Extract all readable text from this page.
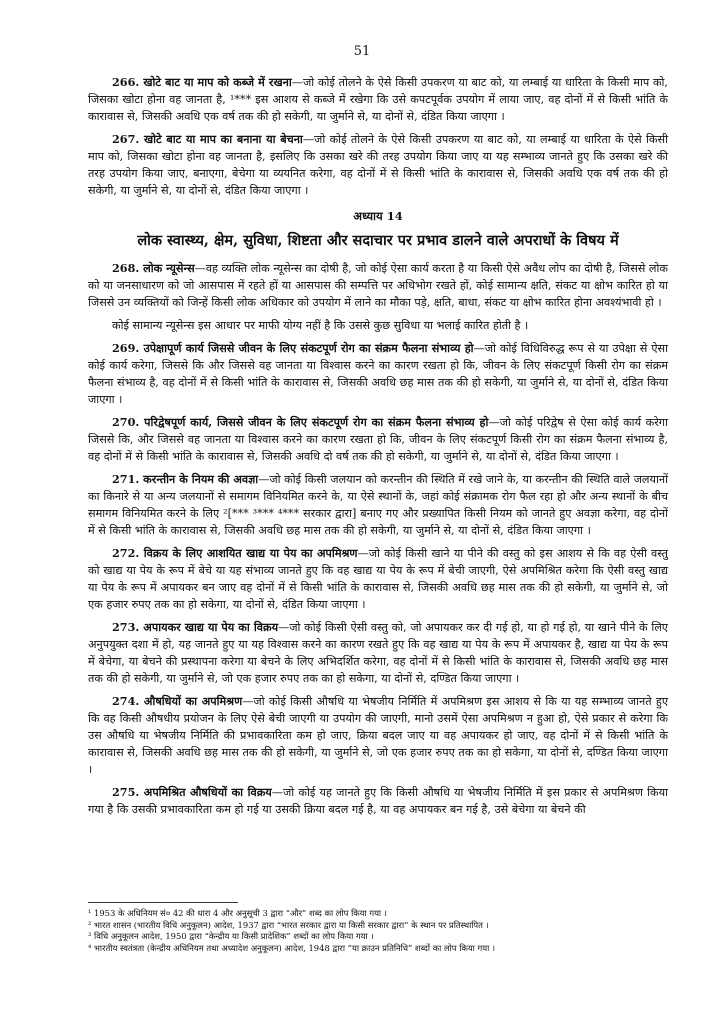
51

266. खोटे बाट या माप को कब्जे में रखना—जो कोई तोलने के ऐसे किसी उपकरण या बाट को, या लम्बाई या धारिता के किसी माप को, जिसका खोटा होना वह जानता है, ¹*** इस आशय से कब्जे में रखेगा कि उसे कपटपूर्वक उपयोग में लाया जाए, वह दोनों में से किसी भांति के कारावास से, जिसकी अवधि एक वर्ष तक की हो सकेगी, या जुर्माने से, या दोनों से, दंडित किया जाएगा ।

267. खोटे बाट या माप का बनाना या बेचना—जो कोई तोलने के ऐसे किसी उपकरण या बाट को, या लम्बाई या धारिता के ऐसे किसी माप को, जिसका खोटा होना वह जानता है, इसलिए कि उसका खरे की तरह उपयोग किया जाए या यह सम्भाव्य जानते हुए कि उसका खरे की तरह उपयोग किया जाए, बनाएगा, बेचेगा या व्ययनित करेगा, वह दोनों में से किसी भांति के कारावास से, जिसकी अवधि एक वर्ष तक की हो सकेगी, या जुर्माने से, या दोनों से, दंडित किया जाएगा ।

अध्याय 14
लोक स्वास्थ्य, क्षेम, सुविधा, शिष्टता और सदाचार पर प्रभाव डालने वाले अपराधों के विषय में

268. लोक न्यूसेन्स—वह व्यक्ति लोक न्यूसेन्स का दोषी है, जो कोई ऐसा कार्य करता है या किसी ऐसे अवैध लोप का दोषी है, जिससे लोक को या जनसाधारण को जो आसपास में रहते हों या आसपास की सम्पत्ति पर अधिभोग रखते हों, कोई सामान्य क्षति, संकट या क्षोभ कारित हो या जिससे उन व्यक्तियों को जिन्हें किसी लोक अधिकार को उपयोग में लाने का मौका पड़े, क्षति, बाधा, संकट या क्षोभ कारित होना अवश्यंभावी हो ।

कोई सामान्य न्यूसेन्स इस आधार पर माफी योग्य नहीं है कि उससे कुछ सुविधा या भलाई कारित होती है ।

269. उपेक्षापूर्ण कार्य जिससे जीवन के लिए संकटपूर्ण रोग का संक्रम फैलना संभाव्य हो—जो कोई विधिविरुद्ध रूप से या उपेक्षा से ऐसा कोई कार्य करेगा, जिससे कि और जिससे वह जानता या विश्वास करने का कारण रखता हो कि, जीवन के लिए संकटपूर्ण किसी रोग का संक्रम फैलना संभाव्य है, वह दोनों में से किसी भांति के कारावास से, जिसकी अवधि छह मास तक की हो सकेगी, या जुर्माने से, या दोनों से, दंडित किया जाएगा ।

270. परिद्वेषपूर्ण कार्य, जिससे जीवन के लिए संकटपूर्ण रोग का संक्रम फैलना संभाव्य हो—जो कोई परिद्वेष से ऐसा कोई कार्य करेगा जिससे कि, और जिससे वह जानता या विश्वास करने का कारण रखता हो कि, जीवन के लिए संकटपूर्ण किसी रोग का संक्रम फैलना संभाव्य है, वह दोनों में से किसी भांति के कारावास से, जिसकी अवधि दो वर्ष तक की हो सकेगी, या जुर्माने से, या दोनों से, दंडित किया जाएगा ।

271. करन्तीन के नियम की अवज्ञा—जो कोई किसी जलयान को करन्तीन की स्थिति में रखे जाने के, या करन्तीन की स्थिति वाले जलयानों का किनारे से या अन्य जलयानों से समागम विनियमित करने के, या ऐसे स्थानों के, जहां कोई संक्रामक रोग फैल रहा हो और अन्य स्थानों के बीच समागम विनियमित करने के लिए ²[*** ³*** ⁴*** सरकार द्वारा] बनाए गए और प्रख्यापित किसी नियम को जानते हुए अवज्ञा करेगा, वह दोनों में से किसी भांति के कारावास से, जिसकी अवधि छह मास तक की हो सकेगी, या जुर्माने से, या दोनों से, दंडित किया जाएगा ।

272. विक्रय के लिए आशयित खाद्य या पेय का अपमिश्रण—जो कोई किसी खाने या पीने की वस्तु को इस आशय से कि वह ऐसी वस्तु को खाद्य या पेय के रूप में बेचे या यह संभाव्य जानते हुए कि वह खाद्य या पेय के रूप में बेची जाएगी, ऐसे अपमिश्रित करेगा कि ऐसी वस्तु खाद्य या पेय के रूप में अपायकर बन जाए वह दोनों में से किसी भांति के कारावास से, जिसकी अवधि छह मास तक की हो सकेगी, या जुर्माने से, जो एक हजार रुपए तक का हो सकेगा, या दोनों से, दंडित किया जाएगा ।

273. अपायकर खाद्य या पेय का विक्रय—जो कोई किसी ऐसी वस्तु को, जो अपायकर कर दी गई हो, या हो गई हो, या खाने पीने के लिए अनुपयुक्त दशा में हो, यह जानते हुए या यह विश्वास करने का कारण रखते हुए कि वह खाद्य या पेय के रूप में अपायकर है, खाद्य या पेय के रूप में बेचेगा, या बेचने की प्रस्थापना करेगा या बेचने के लिए अभिदर्शित करेगा, वह दोनों में से किसी भांति के कारावास से, जिसकी अवधि छह मास तक की हो सकेगी, या जुर्माने से, जो एक हजार रुपए तक का हो सकेगा, या दोनों से, दण्डित किया जाएगा ।

274. औषधियों का अपमिश्रण—जो कोई किसी औषधि या भेषजीय निर्मिति में अपमिश्रण इस आशय से कि या यह सम्भाव्य जानते हुए कि वह किसी औषधीय प्रयोजन के लिए ऐसे बेची जाएगी या उपयोग की जाएगी, मानो उसमें ऐसा अपमिश्रण न हुआ हो, ऐसे प्रकार से करेगा कि उस औषधि या भेषजीय निर्मिति की प्रभावकारिता कम हो जाए, क्रिया बदल जाए या वह अपायकर हो जाए, वह दोनों में से किसी भांति के कारावास से, जिसकी अवधि छह मास तक की हो सकेगी, या जुर्माने से, जो एक हजार रुपए तक का हो सकेगा, या दोनों से, दण्डित किया जाएगा ।

275. अपमिश्रित औषधियों का विक्रय—जो कोई यह जानते हुए कि किसी औषधि या भेषजीय निर्मिति में इस प्रकार से अपमिश्रण किया गया है कि उसकी प्रभावकारिता कम हो गई या उसकी क्रिया बदल गई है, या वह अपायकर बन गई है, उसे बेचेगा या बेचने की

¹ 1953 के अधिनियम सं० 42 की धारा 4 और अनुसूची 3 द्वारा “और” शब्द का लोप किया गया ।

² भारत शासन (भारतीय विधि अनुकूलन) आदेश, 1937 द्वारा “भारत सरकार द्वारा या किसी सरकार द्वारा” के स्थान पर प्रतिस्थापित ।

³ विधि अनुकूलन आदेश, 1950 द्वारा “केन्द्रीय या किसी प्रादेशिक” शब्दों का लोप किया गया ।

⁴ भारतीय स्वतंत्रता (केन्द्रीय अधिनियम तथा अध्यादेश अनुकूलन) आदेश, 1948 द्वारा “या क्राउन प्रतिनिधि” शब्दों का लोप किया गया ।
